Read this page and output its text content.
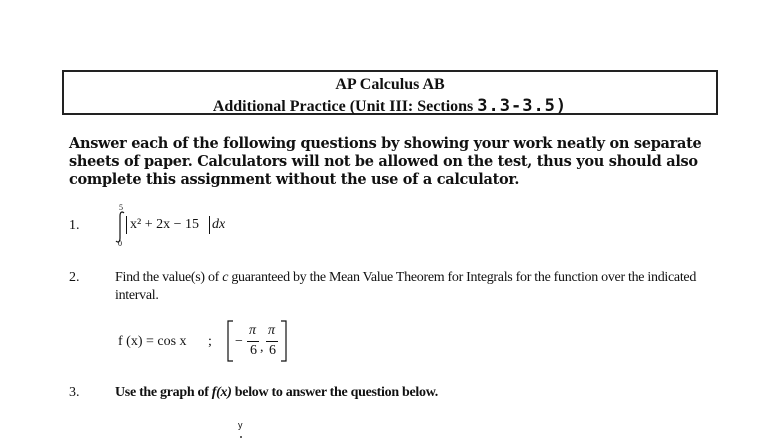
AP Calculus AB
Additional Practice (Unit III: Sections 3.3-3.5)
Answer each of the following questions by showing your work neatly on separate sheets of paper. Calculators will not be allowed on the test, thus you should also complete this assignment without the use of a calculator.
1.
5
0
x² + 2x − 15 dx
2.	Find the value(s) of c guaranteed by the Mean Value Theorem for Integrals for the function over the indicated interval.
f (x) = cos x ; −
π
6 ,
π
6
3.	Use the graph of f(x) below to answer the question below.
y
